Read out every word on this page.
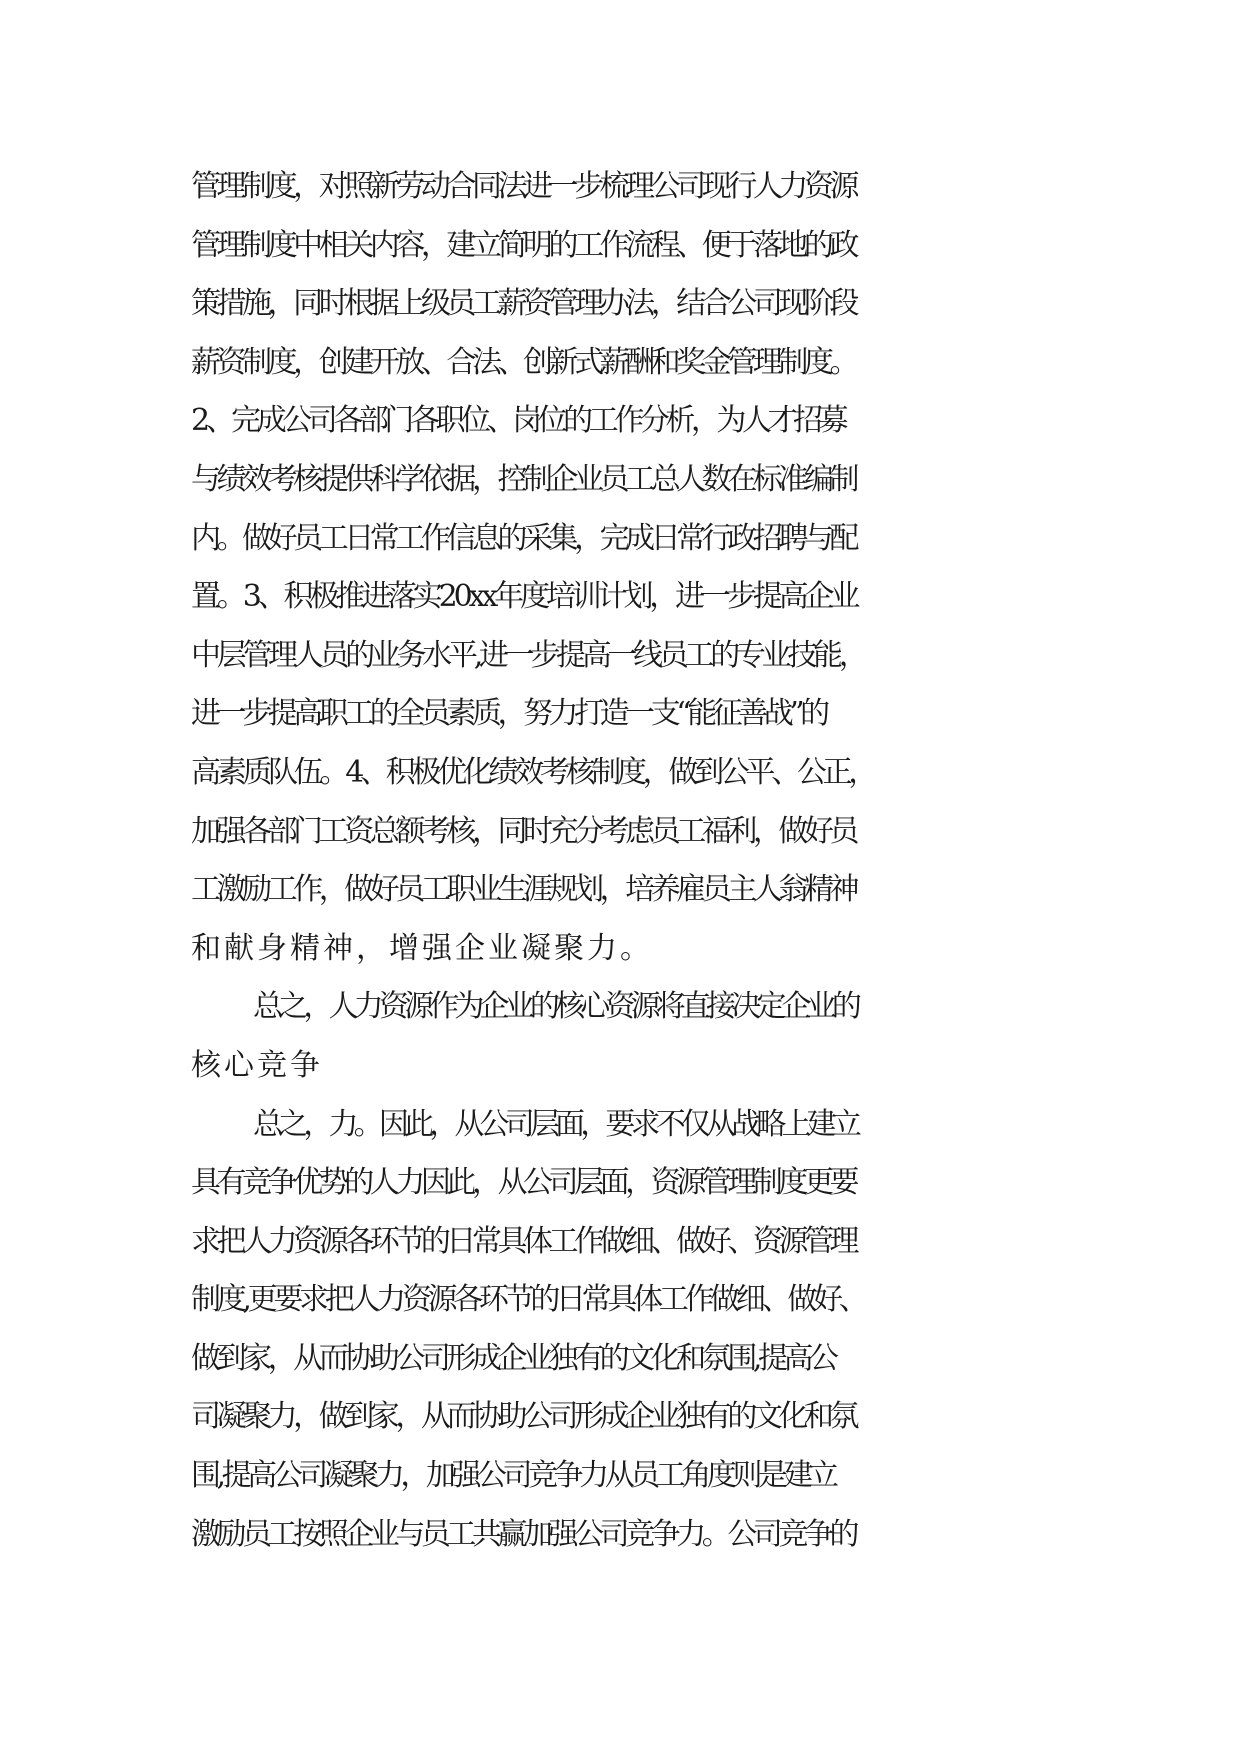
管理制度，对照新劳动合同法进一步梳理公司现行人力资源
管理制度中相关内容，建立简明的工作流程、便于落地的政
策措施，同时根据上级员工薪资管理办法，结合公司现阶段
薪资制度，创建开放、合法、创新式薪酬和奖金管理制度。
2、完成公司各部门各职位、岗位的工作分析，为人才招募
与绩效考核提供科学依据，控制企业员工总人数在标准编制
内。做好员工日常工作信息的采集，完成日常行政招聘与配
置。3、积极推进落实20xx年度培训计划，进一步提高企业
中层管理人员的业务水平,进一步提高一线员工的专业技能，
进一步提高职工的全员素质，努力打造一支“能征善战”的
高素质队伍。4、积极优化绩效考核制度，做到公平、公正，
加强各部门工资总额考核，同时充分考虑员工福利，做好员
工激励工作，做好员工职业生涯规划，培养雇员主人翁精神
和献身精神，增强企业凝聚力。
总之，人力资源作为企业的核心资源将直接决定企业的
核心竞争
总之，力。因此，从公司层面，要求不仅从战略上建立
具有竞争优势的人力因此，从公司层面，资源管理制度更要
求把人力资源各环节的日常具体工作做细、做好、资源管理
制度,更要求把人力资源各环节的日常具体工作做细、做好、
做到家，从而协助公司形成企业独有的文化和氛围,提高公
司凝聚力，做到家，从而协助公司形成企业独有的文化和氛
围,提高公司凝聚力，加强公司竞争力从员工角度则是建立
激励员工按照企业与员工共赢加强公司竞争力。公司竞争的
